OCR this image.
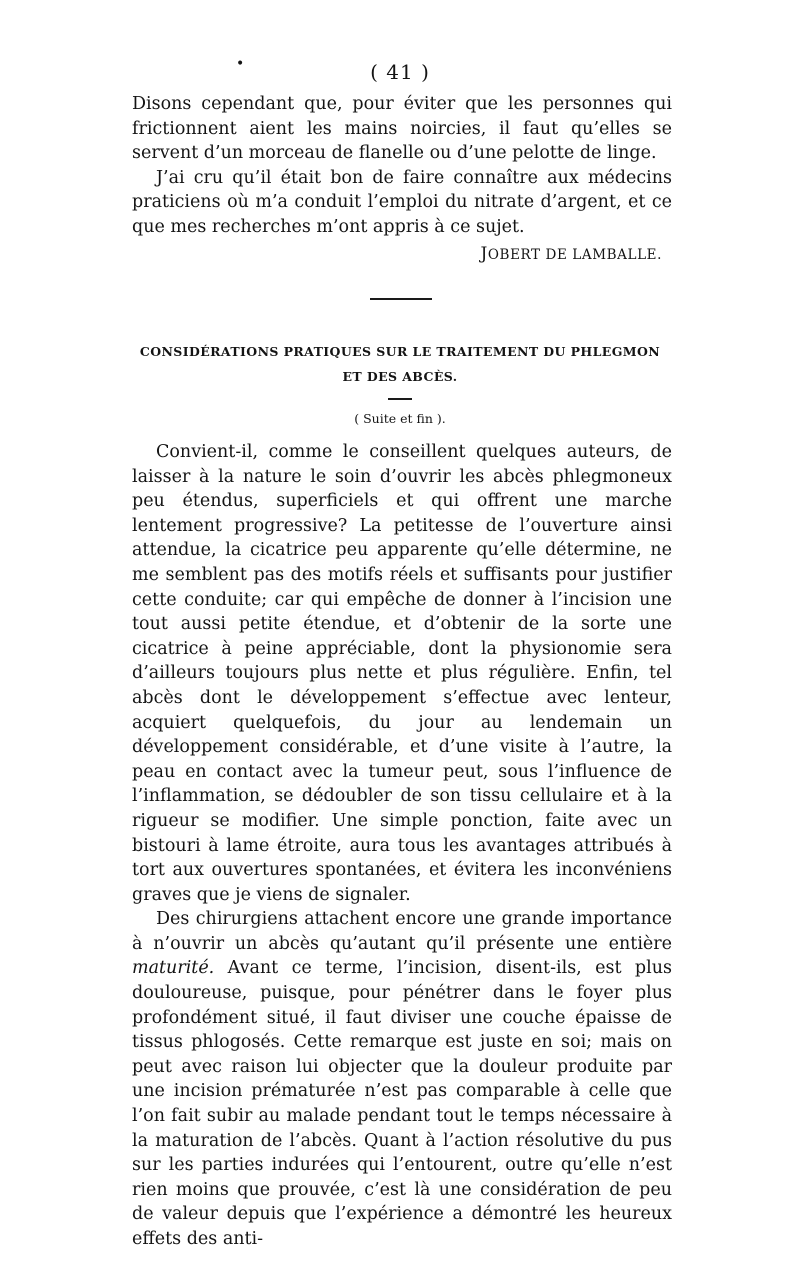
•	( 41 )

Disons cependant que, pour éviter que les personnes qui frictionnent aient les mains noircies, il faut qu’elles se servent d’un morceau de flanelle ou d’une pelotte de linge.

J’ai cru qu’il était bon de faire connaître aux médecins praticiens où m’a conduit l’emploi du nitrate d’argent, et ce que mes recherches m’ont appris à ce sujet.

JOBERT DE LAMBALLE.
CONSIDÉRATIONS PRATIQUES SUR LE TRAITEMENT DU PHLEGMON
ET DES ABCÈS.
( Suite et fin ).

Convient-il, comme le conseillent quelques auteurs, de laisser à la nature le soin d’ouvrir les abcès phlegmoneux peu étendus, superficiels et qui offrent une marche lentement progressive? La petitesse de l’ouverture ainsi attendue, la cicatrice peu apparente qu’elle détermine, ne me semblent pas des motifs réels et suffisants pour justifier cette conduite; car qui empêche de donner à l’incision une tout aussi petite étendue, et d’obtenir de la sorte une cicatrice à peine appréciable, dont la physionomie sera d’ailleurs toujours plus nette et plus régulière. Enfin, tel abcès dont le développement s’effectue avec lenteur, acquiert quelquefois, du jour au lendemain un développement considérable, et d’une visite à l’autre, la peau en contact avec la tumeur peut, sous l’influence de l’inflammation, se dédoubler de son tissu cellulaire et à la rigueur se modifier. Une simple ponction, faite avec un bistouri à lame étroite, aura tous les avantages attribués à tort aux ouvertures spontanées, et évitera les inconvéniens graves que je viens de signaler.

Des chirurgiens attachent encore une grande importance à n’ouvrir un abcès qu’autant qu’il présente une entière maturité. Avant ce terme, l’incision, disent-ils, est plus douloureuse, puisque, pour pénétrer dans le foyer plus profondément situé, il faut diviser une couche épaisse de tissus phlogosés. Cette remarque est juste en soi; mais on peut avec raison lui objecter que la douleur produite par une incision prématurée n’est pas comparable à celle que l’on fait subir au malade pendant tout le temps nécessaire à la maturation de l’abcès. Quant à l’action résolutive du pus sur les parties indurées qui l’entourent, outre qu’elle n’est rien moins que prouvée, c’est là une considération de peu de valeur depuis que l’expérience a démontré les heureux effets des anti-
